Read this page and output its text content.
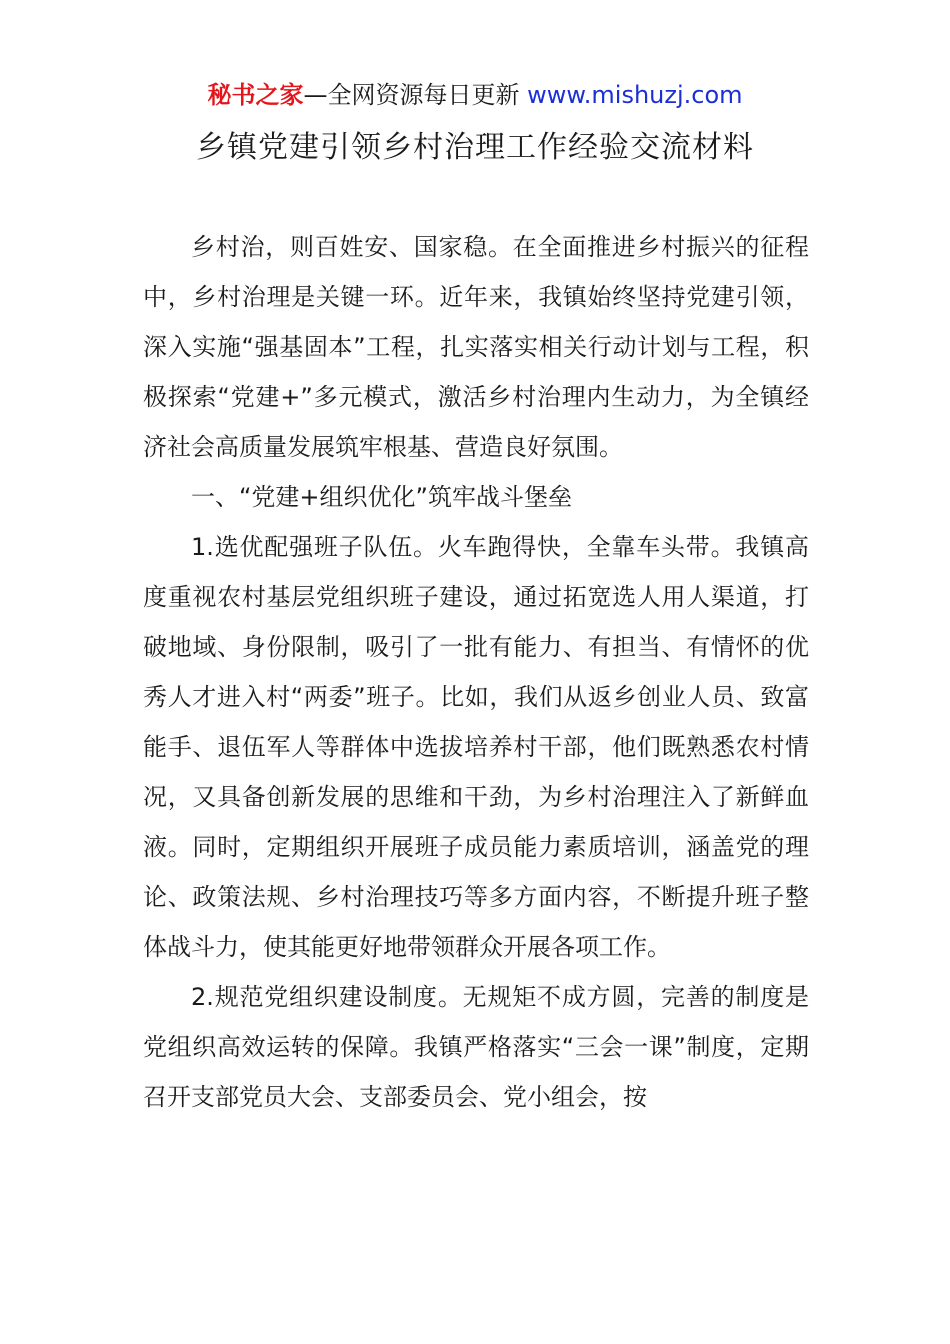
秘书之家—全网资源每日更新 www.mishuzj.com
乡镇党建引领乡村治理工作经验交流材料

乡村治，则百姓安、国家稳。在全面推进乡村振兴的征程中，乡村治理是关键一环。近年来，我镇始终坚持党建引领，深入实施“强基固本”工程，扎实落实相关行动计划与工程，积极探索“党建+”多元模式，激活乡村治理内生动力，为全镇经济社会高质量发展筑牢根基、营造良好氛围。

一、“党建+组织优化”筑牢战斗堡垒

1.选优配强班子队伍。火车跑得快，全靠车头带。我镇高度重视农村基层党组织班子建设，通过拓宽选人用人渠道，打破地域、身份限制，吸引了一批有能力、有担当、有情怀的优秀人才进入村“两委”班子。比如，我们从返乡创业人员、致富能手、退伍军人等群体中选拔培养村干部，他们既熟悉农村情况，又具备创新发展的思维和干劲，为乡村治理注入了新鲜血液。同时，定期组织开展班子成员能力素质培训，涵盖党的理论、政策法规、乡村治理技巧等多方面内容，不断提升班子整体战斗力，使其能更好地带领群众开展各项工作。

2.规范党组织建设制度。无规矩不成方圆，完善的制度是党组织高效运转的保障。我镇严格落实“三会一课”制度，定期召开支部党员大会、支部委员会、党小组会，按
